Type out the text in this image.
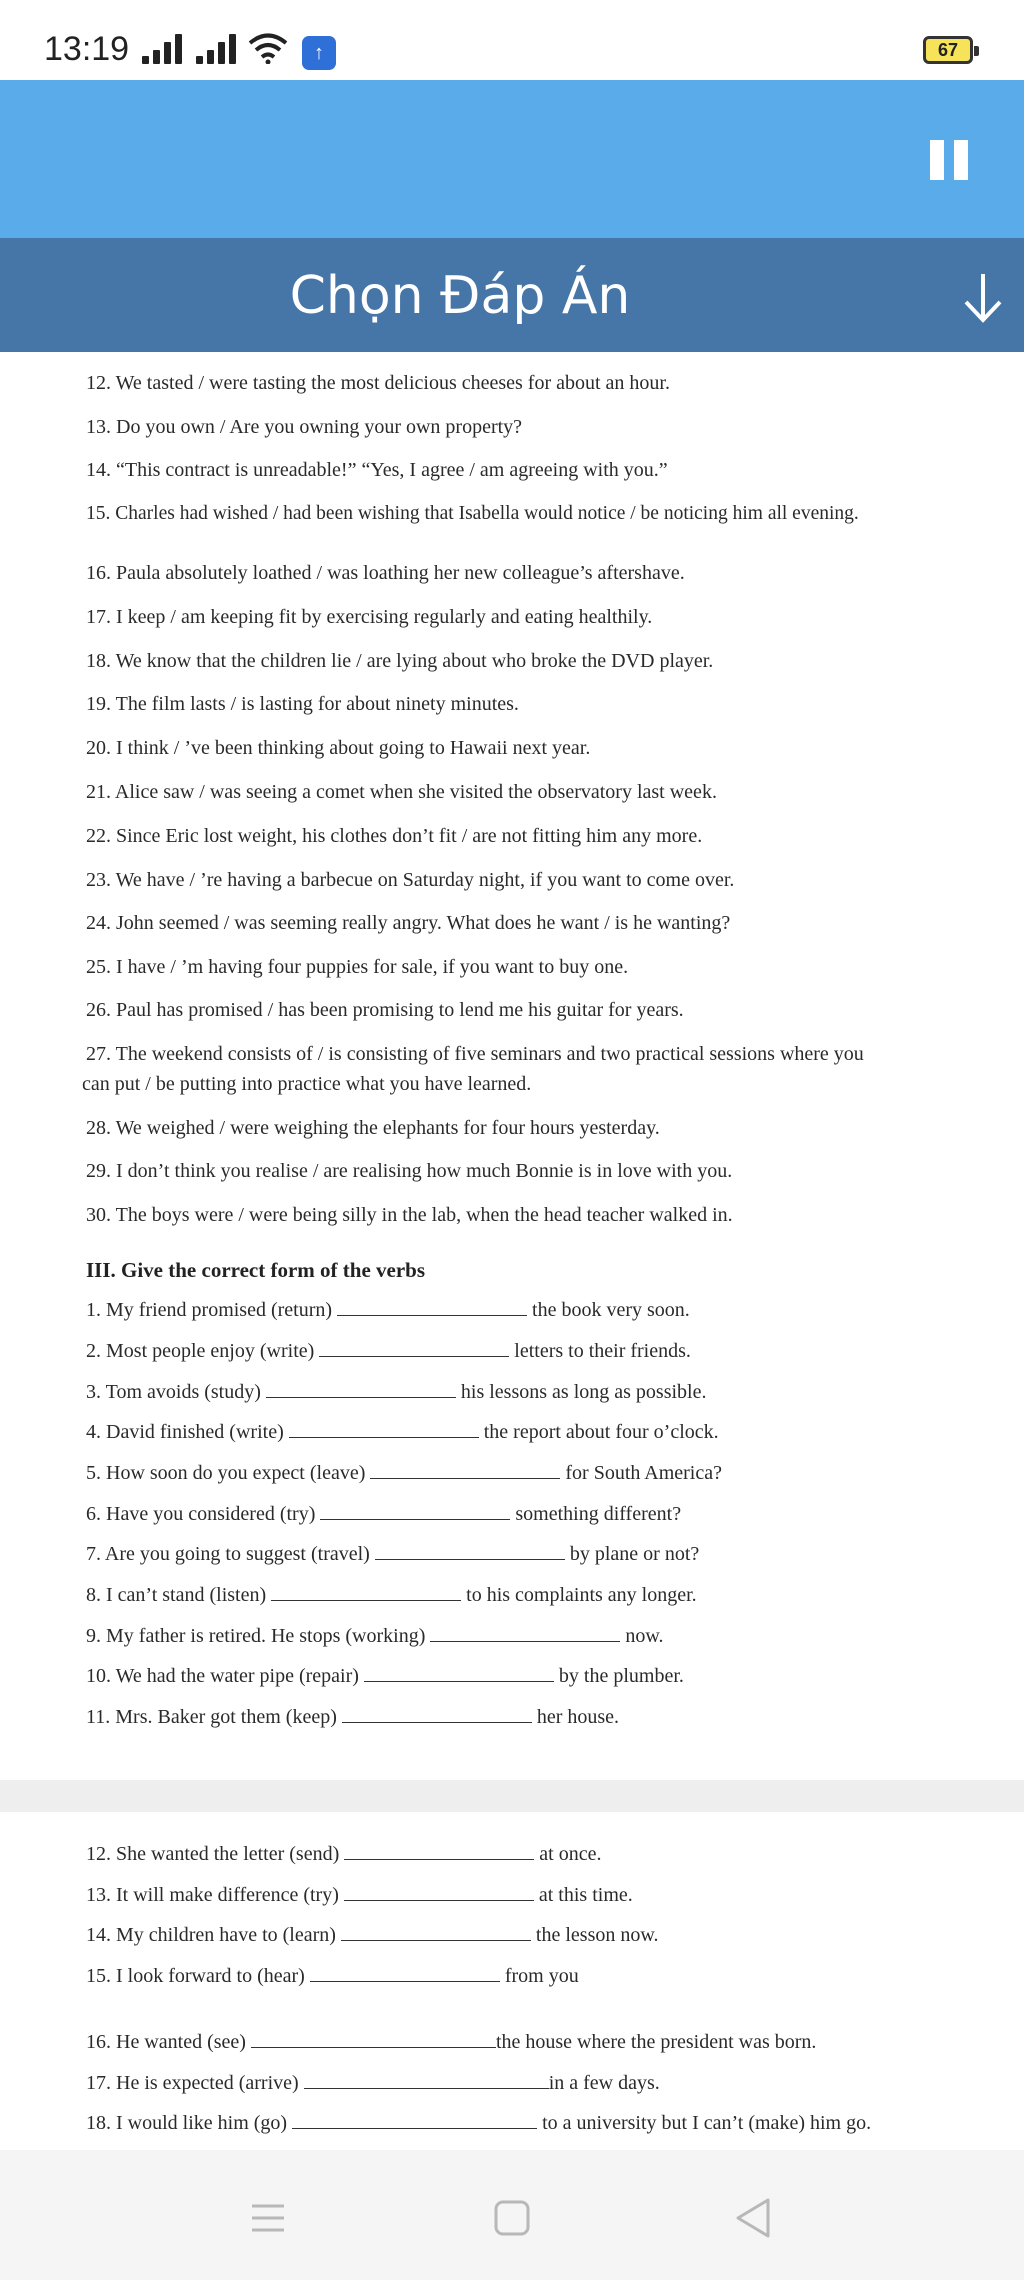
13:19	↑	67
Chọn Đáp Án
12. We tasted / were tasting the most delicious cheeses for about an hour.
13. Do you own / Are you owning your own property?
14. “This contract is unreadable!” “Yes, I agree / am agreeing with you.”
15. Charles had wished / had been wishing that Isabella would notice / be noticing him all evening.
16. Paula absolutely loathed / was loathing her new colleague’s aftershave.
17. I keep / am keeping fit by exercising regularly and eating healthily.
18. We know that the children lie / are lying about who broke the DVD player.
19. The film lasts / is lasting for about ninety minutes.
20. I think / ’ve been thinking about going to Hawaii next year.
21. Alice saw / was seeing a comet when she visited the observatory last week.
22. Since Eric lost weight, his clothes don’t fit / are not fitting him any more.
23. We have / ’re having a barbecue on Saturday night, if you want to come over.
24. John seemed / was seeming really angry. What does he want / is he wanting?
25. I have / ’m having four puppies for sale, if you want to buy one.
26. Paul has promised / has been promising to lend me his guitar for years.
27. The weekend consists of / is consisting of five seminars and two practical sessions where you
can put / be putting into practice what you have learned.
28. We weighed / were weighing the elephants for four hours yesterday.
29. I don’t think you realise / are realising how much Bonnie is in love with you.
30. The boys were / were being silly in the lab, when the head teacher walked in.
III. Give the correct form of the verbs
1. My friend promised (return)	the book very soon.
2. Most people enjoy (write)	letters to their friends.
3. Tom avoids (study)	his lessons as long as possible.
4. David finished (write)	the report about four o’clock.
5. How soon do you expect (leave)	for South America?
6. Have you considered (try)	something different?
7. Are you going to suggest (travel)	by plane or not?
8. I can’t stand (listen)	to his complaints any longer.
9. My father is retired. He stops (working)	now.
10. We had the water pipe (repair)	by the plumber.
11. Mrs. Baker got them (keep)	her house.
12. She wanted the letter (send)	at once.
13. It will make difference (try)	at this time.
14. My children have to (learn)	the lesson now.
15. I look forward to (hear)	from you
16. He wanted (see)	the house where the president was born.
17. He is expected (arrive)	in a few days.
18. I would like him (go)	to a university but I can’t (make) him go.
